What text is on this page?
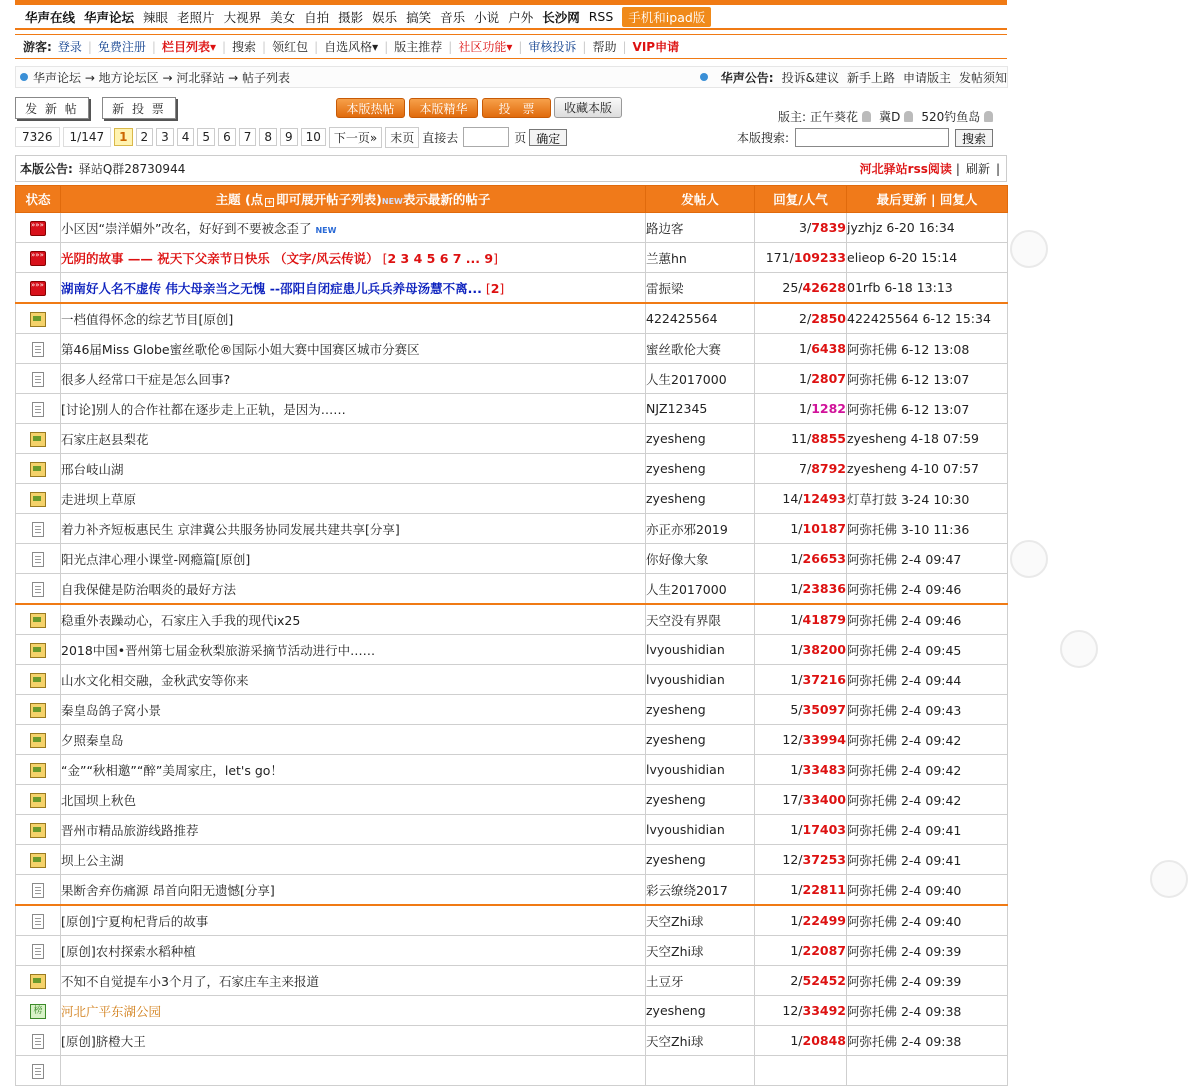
华声在线 华声论坛 辣眼 老照片 大视界 美女 自拍 摄影 娱乐 搞笑 音乐 小说 户外 长沙网 RSS	手机和ipad版
游客: 登录 | 免费注册 | 栏目列表▾ | 搜索 | 领红包 | 自选风格▾ | 版主推荐 | 社区功能▾ | 审核投诉 | 帮助 | VIP申请
华声论坛 → 地方论坛区 → 河北驿站 → 帖子列表	华声公告: 投诉&建议 新手上路 申请版主 发帖须知
发 新 帖	新 投 票	本版热帖	本版精华	投　票	收藏本版
版主: 正午葵花 冀D 520钓鱼岛
7326	1/147	1	2	3	4	5	6	7	8	9	10	下一页»	末页 直接去	页 确定	本版搜索:	搜索
本版公告: 驿站Q群28730944	河北驿站rss阅读 | 刷新 |
状态	主题 (点 + 即可展开帖子列表)NEW表示最新的帖子	发帖人	回复/人气	最后更新 | 回复人
»»»	小区因“崇洋媚外”改名，好好到不要被念歪了 NEW	路边客	3/7839	jyzhjz 6-20 16:34
»»»	光阴的故事 —— 祝天下父亲节日快乐 （文字/风云传说） [2 3 4 5 6 7 ... 9]	兰蕙hn	171/109233	elieop 6-20 15:14
»»»	湖南好人名不虚传 伟大母亲当之无愧 --邵阳自闭症患儿兵兵养母汤慧不离... [2]	雷振梁	25/42628	01rfb 6-18 13:13
	一档值得怀念的综艺节目[原创]	422425564	2/2850	422425564 6-12 15:34
	第46届Miss Globe蜜丝歌伦®国际小姐大赛中国赛区城市分赛区	蜜丝歌伦大赛	1/6438	阿弥托佛 6-12 13:08
	很多人经常口干症是怎么回事?	人生2017000	1/2807	阿弥托佛 6-12 13:07
	[讨论]别人的合作社都在逐步走上正轨，是因为……	NJZ12345	1/1282	阿弥托佛 6-12 13:07
	石家庄赵县梨花	zyesheng	11/8855	zyesheng 4-18 07:59
	邢台岐山湖	zyesheng	7/8792	zyesheng 4-10 07:57
	走进坝上草原	zyesheng	14/12493	灯草打鼓 3-24 10:30
	着力补齐短板惠民生 京津冀公共服务协同发展共建共享[分享]	亦正亦邪2019	1/10187	阿弥托佛 3-10 11:36
	阳光点津心理小课堂-网瘾篇[原创]	你好像大象	1/26653	阿弥托佛 2-4 09:47
	自我保健是防治咽炎的最好方法	人生2017000	1/23836	阿弥托佛 2-4 09:46
	稳重外表躁动心，石家庄入手我的现代ix25	天空没有界限	1/41879	阿弥托佛 2-4 09:46
	2018中国•晋州第七届金秋梨旅游采摘节活动进行中……	lvyoushidian	1/38200	阿弥托佛 2-4 09:45
	山水文化相交融，金秋武安等你来	lvyoushidian	1/37216	阿弥托佛 2-4 09:44
	秦皇岛鸽子窝小景	zyesheng	5/35097	阿弥托佛 2-4 09:43
	夕照秦皇岛	zyesheng	12/33994	阿弥托佛 2-4 09:42
	“金”“秋相邀”“醉”美周家庄，let's go！	lvyoushidian	1/33483	阿弥托佛 2-4 09:42
	北国坝上秋色	zyesheng	17/33400	阿弥托佛 2-4 09:42
	晋州市精品旅游线路推荐	lvyoushidian	1/17403	阿弥托佛 2-4 09:41
	坝上公主湖	zyesheng	12/37253	阿弥托佛 2-4 09:41
	果断舍弃伤痛源 昂首向阳无遗憾[分享]	彩云缭绕2017	1/22811	阿弥托佛 2-4 09:40
	[原创]宁夏枸杞背后的故事	天空Zhi球	1/22499	阿弥托佛 2-4 09:40
	[原创]农村探索水稻种植	天空Zhi球	1/22087	阿弥托佛 2-4 09:39
	不知不自觉提车小3个月了，石家庄车主来报道	土豆牙	2/52452	阿弥托佛 2-4 09:39
榜	河北广平东湖公园	zyesheng	12/33492	阿弥托佛 2-4 09:38
	[原创]脐橙大王	天空Zhi球	1/20848	阿弥托佛 2-4 09:38
